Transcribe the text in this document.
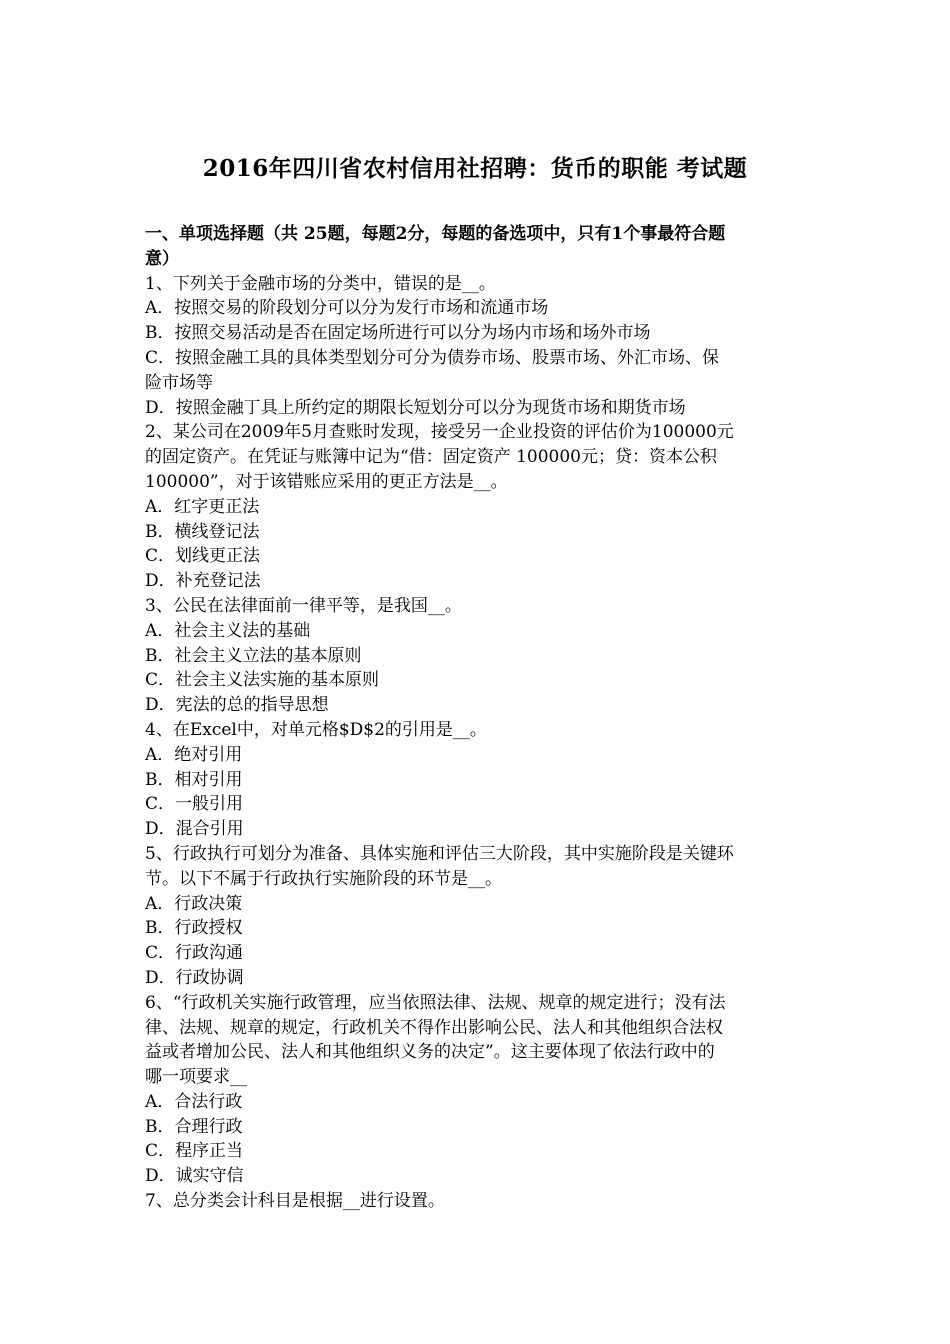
2016年四川省农村信用社招聘：货币的职能 考试题
一、单项选择题（共 25题，每题2分，每题的备选项中，只有1个事最符合题
意）
1、下列关于金融市场的分类中，错误的是__。
A．按照交易的阶段划分可以分为发行市场和流通市场
B．按照交易活动是否在固定场所进行可以分为场内市场和场外市场
C．按照金融工具的具体类型划分可分为债券市场、股票市场、外汇市场、保
险市场等
D．按照金融丁具上所约定的期限长短划分可以分为现货市场和期货市场
2、某公司在2009年5月查账时发现，接受另一企业投资的评估价为100000元
的固定资产。在凭证与账簿中记为“借：固定资产 100000元；贷：资本公积
100000”，对于该错账应采用的更正方法是__。
A．红字更正法
B．横线登记法
C．划线更正法
D．补充登记法
3、公民在法律面前一律平等，是我国__。
A．社会主义法的基础
B．社会主义立法的基本原则
C．社会主义法实施的基本原则
D．宪法的总的指导思想
4、在Excel中，对单元格$D$2的引用是__。
A．绝对引用
B．相对引用
C．一般引用
D．混合引用
5、行政执行可划分为准备、具体实施和评估三大阶段，其中实施阶段是关键环
节。以下不属于行政执行实施阶段的环节是__。
A．行政决策
B．行政授权
C．行政沟通
D．行政协调
6、“行政机关实施行政管理，应当依照法律、法规、规章的规定进行；没有法
律、法规、规章的规定，行政机关不得作出影响公民、法人和其他组织合法权
益或者增加公民、法人和其他组织义务的决定”。这主要体现了依法行政中的
哪一项要求__
A．合法行政
B．合理行政
C．程序正当
D．诚实守信
7、总分类会计科目是根据__进行设置。
